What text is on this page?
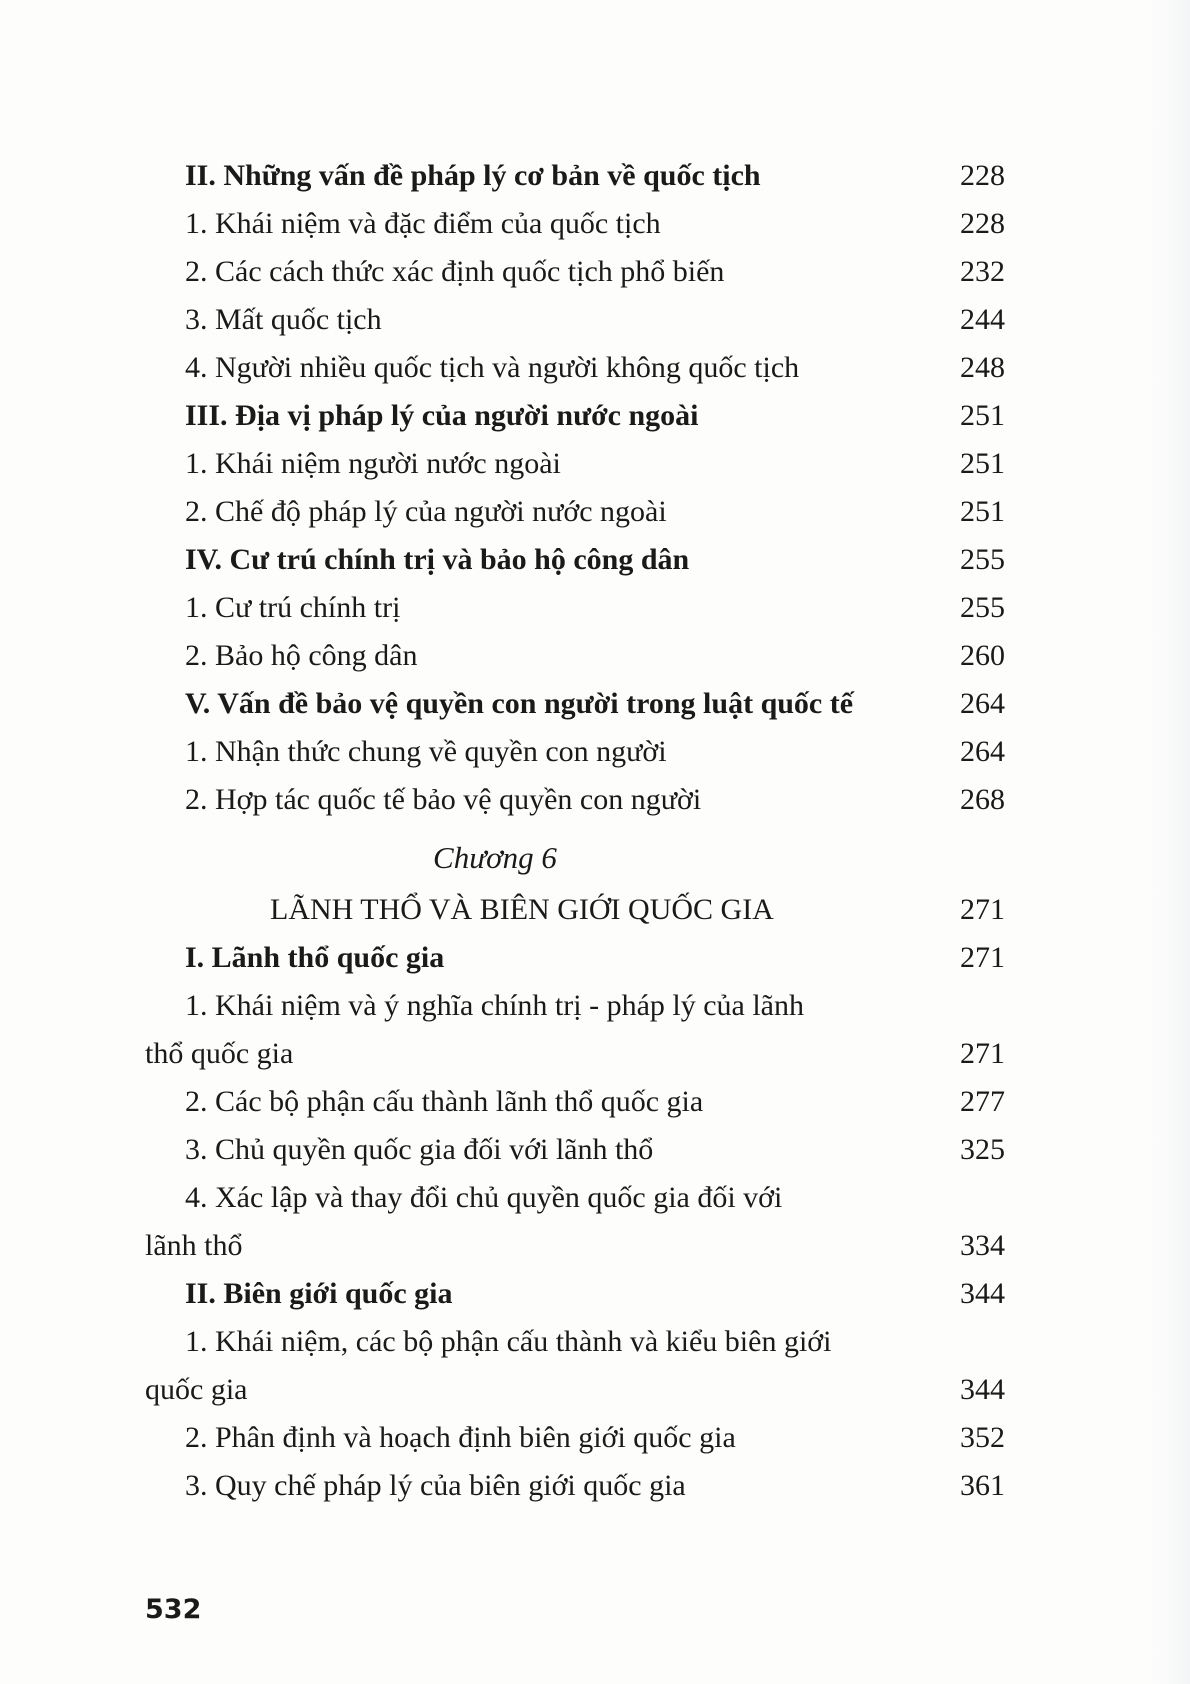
II. Những vấn đề pháp lý cơ bản về quốc tịch	228
1. Khái niệm và đặc điểm của quốc tịch	228
2. Các cách thức xác định quốc tịch phổ biến	232
3. Mất quốc tịch	244
4. Người nhiều quốc tịch và người không quốc tịch	248
III. Địa vị pháp lý của người nước ngoài	251
1. Khái niệm người nước ngoài	251
2. Chế độ pháp lý của người nước ngoài	251
IV. Cư trú chính trị và bảo hộ công dân	255
1. Cư trú chính trị	255
2. Bảo hộ công dân	260
V. Vấn đề bảo vệ quyền con người trong luật quốc tế	264
1. Nhận thức chung về quyền con người	264
2. Hợp tác quốc tế bảo vệ quyền con người	268
Chương 6
LÃNH THỔ VÀ BIÊN GIỚI QUỐC GIA	271
I. Lãnh thổ quốc gia	271
1. Khái niệm và ý nghĩa chính trị - pháp lý của lãnh
thổ quốc gia	271
2. Các bộ phận cấu thành lãnh thổ quốc gia	277
3. Chủ quyền quốc gia đối với lãnh thổ	325
4. Xác lập và thay đổi chủ quyền quốc gia đối với
lãnh thổ	334
II. Biên giới quốc gia	344
1. Khái niệm, các bộ phận cấu thành và kiểu biên giới
quốc gia	344
2. Phân định và hoạch định biên giới quốc gia	352
3. Quy chế pháp lý của biên giới quốc gia	361
532
